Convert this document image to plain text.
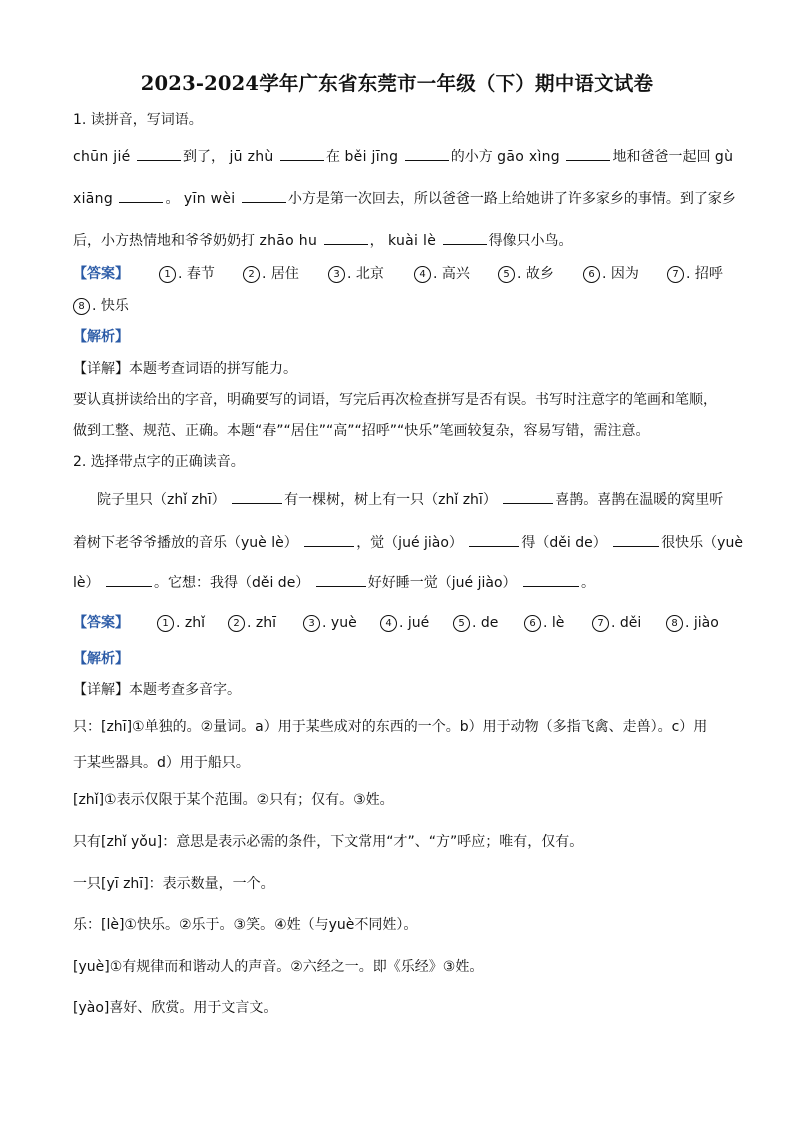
2023-2024学年广东省东莞市一年级（下）期中语文试卷
1. 读拼音，写词语。
chūn jié	到了， jū zhù	在 běi jīng	的小方 gāo xìng	地和爸爸一起回 gù
xiāng	。 yīn wèi	小方是第一次回去，所以爸爸一路上给她讲了许多家乡的事情。到了家乡
后，小方热情地和爷爷奶奶打 zhāo hu	， kuài lè	得像只小鸟。
【答案】	1 . 春节	2 . 居住	3 . 北京	4 . 高兴	5 . 故乡	6 . 因为	7 . 招呼
8 . 快乐
【解析】
【详解】本题考查词语的拼写能力。
要认真拼读给出的字音，明确要写的词语，写完后再次检查拼写是否有误。书写时注意字的笔画和笔顺，
做到工整、规范、正确。本题“春”“居住”“高”“招呼”“快乐”笔画较复杂，容易写错，需注意。
2. 选择带点字的正确读音。
院子里只（zhǐ zhī）	有一棵树，树上有一只（zhǐ zhī）	喜鹊。喜鹊在温暖的窝里听
着树下老爷爷播放的音乐（yuè lè）	，觉（jué jiào）	得（děi de）	很快乐（yuè
lè）	。它想：我得（děi de）	好好睡一觉（jué jiào）	。
【答案】	1 . zhǐ	2 . zhī	3 . yuè	4 . jué	5 . de	6 . lè	7 . děi	8 . jiào
【解析】
【详解】本题考查多音字。
只：[zhī]①单独的。②量词。a）用于某些成对的东西的一个。b）用于动物（多指飞禽、走兽）。c）用
于某些器具。d）用于船只。
[zhǐ]①表示仅限于某个范围。②只有；仅有。③姓。
只有[zhǐ yǒu]：意思是表示必需的条件，下文常用“才”、“方”呼应；唯有，仅有。
一只[yī zhī]：表示数量，一个。
乐：[lè]①快乐。②乐于。③笑。④姓（与yuè不同姓）。
[yuè]①有规律而和谐动人的声音。②六经之一。即《乐经》③姓。
[yào]喜好、欣赏。用于文言文。
